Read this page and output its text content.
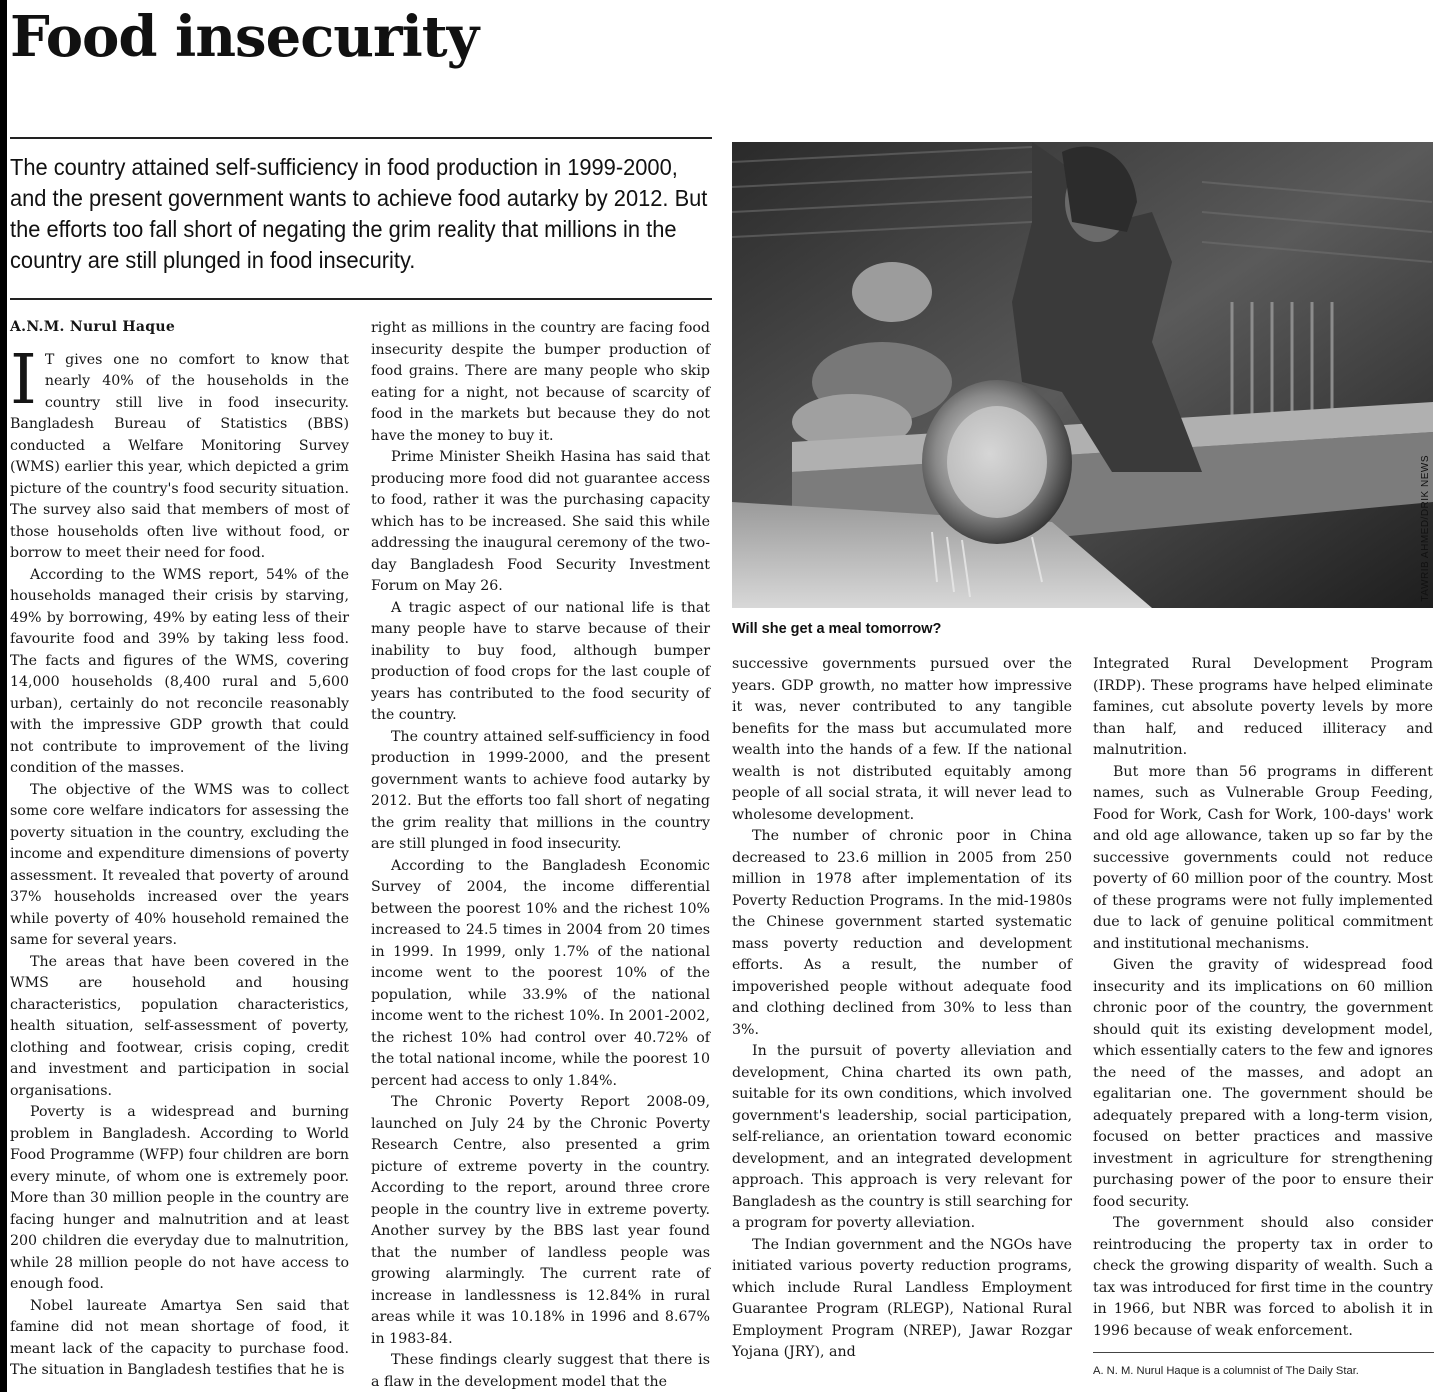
Food insecurity
The country attained self-sufficiency in food production in 1999-2000, and the present government wants to achieve food autarky by 2012. But the efforts too fall short of negating the grim reality that millions in the country are still plunged in food insecurity.
A.N.M. Nurul Haque
I T gives one no comfort to know that nearly 40% of the households in the country still live in food insecurity. Bangladesh Bureau of Statistics (BBS) conducted a Welfare Monitoring Survey (WMS) earlier this year, which depicted a grim picture of the country's food security situation. The survey also said that members of most of those households often live without food, or borrow to meet their need for food.

According to the WMS report, 54% of the households managed their crisis by starving, 49% by borrowing, 49% by eating less of their favourite food and 39% by taking less food. The facts and figures of the WMS, covering 14,000 households (8,400 rural and 5,600 urban), certainly do not reconcile reasonably with the impressive GDP growth that could not contribute to improvement of the living condition of the masses.

The objective of the WMS was to collect some core welfare indicators for assessing the poverty situation in the country, excluding the income and expenditure dimensions of poverty assessment. It revealed that poverty of around 37% households increased over the years while poverty of 40% household remained the same for several years.

The areas that have been covered in the WMS are household and housing characteristics, population characteristics, health situation, self-assessment of poverty, clothing and footwear, crisis coping, credit and investment and participation in social organisations.

Poverty is a widespread and burning problem in Bangladesh. According to World Food Programme (WFP) four children are born every minute, of whom one is extremely poor. More than 30 million people in the country are facing hunger and malnutrition and at least 200 children die everyday due to malnutrition, while 28 million people do not have access to enough food.

Nobel laureate Amartya Sen said that famine did not mean shortage of food, it meant lack of the capacity to purchase food. The situation in Bangladesh testifies that he is

right as millions in the country are facing food insecurity despite the bumper production of food grains. There are many people who skip eating for a night, not because of scarcity of food in the markets but because they do not have the money to buy it.

Prime Minister Sheikh Hasina has said that producing more food did not guarantee access to food, rather it was the purchasing capacity which has to be increased. She said this while addressing the inaugural ceremony of the two-day Bangladesh Food Security Investment Forum on May 26.

A tragic aspect of our national life is that many people have to starve because of their inability to buy food, although bumper production of food crops for the last couple of years has contributed to the food security of the country.

The country attained self-sufficiency in food production in 1999-2000, and the present government wants to achieve food autarky by 2012. But the efforts too fall short of negating the grim reality that millions in the country are still plunged in food insecurity.

According to the Bangladesh Economic Survey of 2004, the income differential between the poorest 10% and the richest 10% increased to 24.5 times in 2004 from 20 times in 1999. In 1999, only 1.7% of the national income went to the poorest 10% of the population, while 33.9% of the national income went to the richest 10%. In 2001-2002, the richest 10% had control over 40.72% of the total national income, while the poorest 10 percent had access to only 1.84%.

The Chronic Poverty Report 2008-09, launched on July 24 by the Chronic Poverty Research Centre, also presented a grim picture of extreme poverty in the country. According to the report, around three crore people in the country live in extreme poverty. Another survey by the BBS last year found that the number of landless people was growing alarmingly. The current rate of increase in landlessness is 12.84% in rural areas while it was 10.18% in 1996 and 8.67% in 1983-84.

These findings clearly suggest that there is a flaw in the development model that the

TAWRIB AHMED/DRIK NEWS
Will she get a meal tomorrow?

successive governments pursued over the years. GDP growth, no matter how impressive it was, never contributed to any tangible benefits for the mass but accumulated more wealth into the hands of a few. If the national wealth is not distributed equitably among people of all social strata, it will never lead to wholesome development.

The number of chronic poor in China decreased to 23.6 million in 2005 from 250 million in 1978 after implementation of its Poverty Reduction Programs. In the mid-1980s the Chinese government started systematic mass poverty reduction and development efforts. As a result, the number of impoverished people without adequate food and clothing declined from 30% to less than 3%.

In the pursuit of poverty alleviation and development, China charted its own path, suitable for its own conditions, which involved government's leadership, social participation, self-reliance, an orientation toward economic development, and an integrated development approach. This approach is very relevant for Bangladesh as the country is still searching for a program for poverty alleviation.

The Indian government and the NGOs have initiated various poverty reduction programs, which include Rural Landless Employment Guarantee Program (RLEGP), National Rural Employment Program (NREP), Jawar Rozgar Yojana (JRY), and

Integrated Rural Development Program (IRDP). These programs have helped eliminate famines, cut absolute poverty levels by more than half, and reduced illiteracy and malnutrition.

But more than 56 programs in different names, such as Vulnerable Group Feeding, Food for Work, Cash for Work, 100-days' work and old age allowance, taken up so far by the successive governments could not reduce poverty of 60 million poor of the country. Most of these programs were not fully implemented due to lack of genuine political commitment and institutional mechanisms.

Given the gravity of widespread food insecurity and its implications on 60 million chronic poor of the country, the government should quit its existing development model, which essentially caters to the few and ignores the need of the masses, and adopt an egalitarian one. The government should be adequately prepared with a long-term vision, focused on better practices and massive investment in agriculture for strengthening purchasing power of the poor to ensure their food security.

The government should also consider reintroducing the property tax in order to check the growing disparity of wealth. Such a tax was introduced for first time in the country in 1966, but NBR was forced to abolish it in 1996 because of weak enforcement.

A. N. M. Nurul Haque is a columnist of The Daily Star.
